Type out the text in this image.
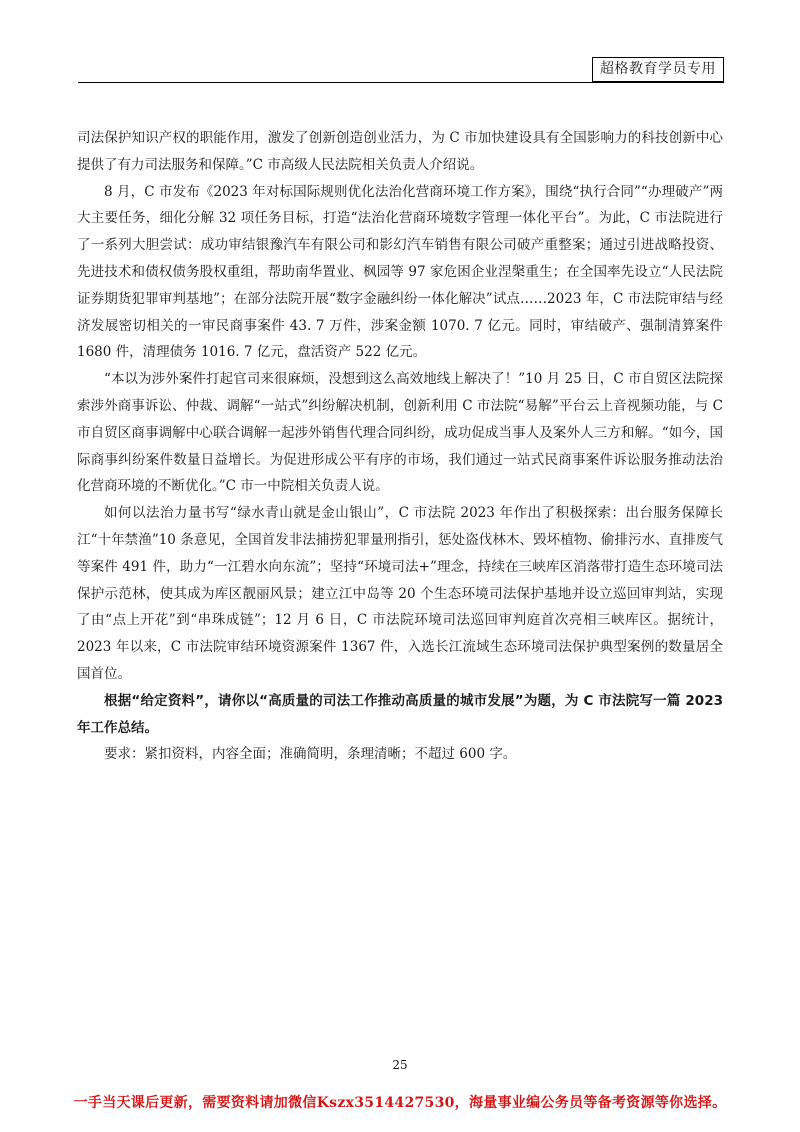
超格教育学员专用

司法保护知识产权的职能作用，激发了创新创造创业活力，为 C 市加快建设具有全国影响力的科技创新中心提供了有力司法服务和保障。”C 市高级人民法院相关负责人介绍说。

8 月，C 市发布《2023 年对标国际规则优化法治化营商环境工作方案》，围绕“执行合同”“办理破产”两大主要任务，细化分解 32 项任务目标，打造“法治化营商环境数字管理一体化平台”。为此，C 市法院进行了一系列大胆尝试：成功审结银豫汽车有限公司和影幻汽车销售有限公司破产重整案；通过引进战略投资、先进技术和债权债务股权重组，帮助南华置业、枫园等 97 家危困企业涅槃重生；在全国率先设立“人民法院证券期货犯罪审判基地”；在部分法院开展“数字金融纠纷一体化解决”试点……2023 年，C 市法院审结与经济发展密切相关的一审民商事案件 43. 7 万件，涉案金额 1070. 7 亿元。同时，审结破产、强制清算案件 1680 件，清理债务 1016. 7 亿元，盘活资产 522 亿元。

“本以为涉外案件打起官司来很麻烦，没想到这么高效地线上解决了！”10 月 25 日，C 市自贸区法院探索涉外商事诉讼、仲裁、调解“一站式”纠纷解决机制，创新利用 C 市法院“易解”平台云上音视频功能，与 C 市自贸区商事调解中心联合调解一起涉外销售代理合同纠纷，成功促成当事人及案外人三方和解。“如今，国际商事纠纷案件数量日益增长。为促进形成公平有序的市场，我们通过一站式民商事案件诉讼服务推动法治化营商环境的不断优化。”C 市一中院相关负责人说。

如何以法治力量书写“绿水青山就是金山银山”，C 市法院 2023 年作出了积极探索：出台服务保障长江“十年禁渔”10 条意见，全国首发非法捕捞犯罪量刑指引，惩处盗伐林木、毁坏植物、偷排污水、直排废气等案件 491 件，助力“一江碧水向东流”；坚持“环境司法+”理念，持续在三峡库区消落带打造生态环境司法保护示范林，使其成为库区靓丽风景；建立江中岛等 20 个生态环境司法保护基地并设立巡回审判站，实现了由“点上开花”到“串珠成链”；12 月 6 日，C 市法院环境司法巡回审判庭首次亮相三峡库区。据统计，2023 年以来，C 市法院审结环境资源案件 1367 件，入选长江流域生态环境司法保护典型案例的数量居全国首位。

根据“给定资料”，请你以“高质量的司法工作推动高质量的城市发展”为题，为 C 市法院写一篇 2023 年工作总结。

要求：紧扣资料，内容全面；准确简明，条理清晰；不超过 600 字。

25
一手当天课后更新，需要资料请加微信Kszx3514427530，海量事业编公务员等备考资源等你选择。
